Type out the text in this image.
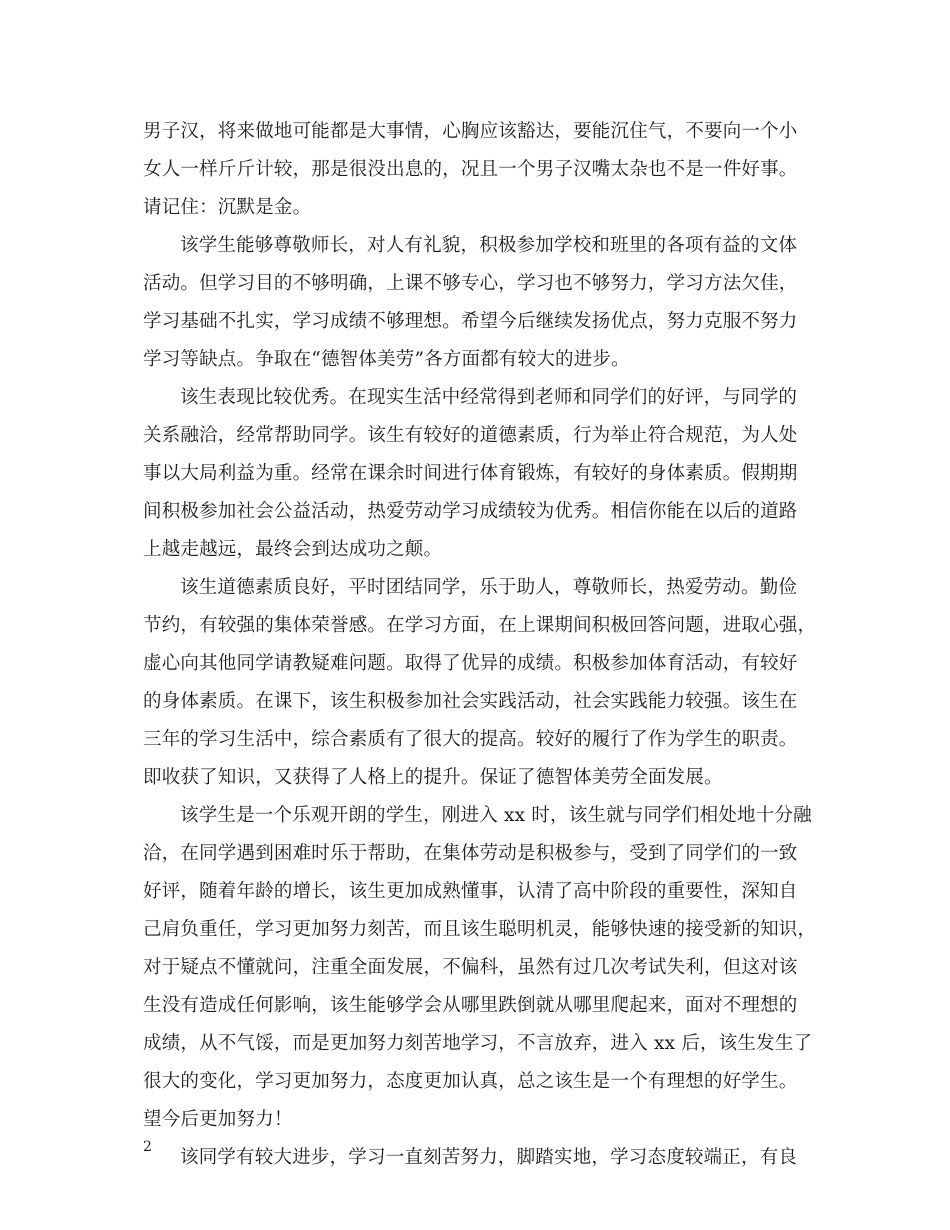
男子汉，将来做地可能都是大事情，心胸应该豁达，要能沉住气，不要向一个小
女人一样斤斤计较，那是很没出息的，况且一个男子汉嘴太杂也不是一件好事。
请记住：沉默是金。
该学生能够尊敬师长，对人有礼貌，积极参加学校和班里的各项有益的文体
活动。但学习目的不够明确，上课不够专心，学习也不够努力，学习方法欠佳，
学习基础不扎实，学习成绩不够理想。希望今后继续发扬优点，努力克服不努力
学习等缺点。争取在“德智体美劳”各方面都有较大的进步。
该生表现比较优秀。在现实生活中经常得到老师和同学们的好评，与同学的
关系融洽，经常帮助同学。该生有较好的道德素质，行为举止符合规范，为人处
事以大局利益为重。经常在课余时间进行体育锻炼，有较好的身体素质。假期期
间积极参加社会公益活动，热爱劳动学习成绩较为优秀。相信你能在以后的道路
上越走越远，最终会到达成功之颠。
该生道德素质良好，平时团结同学，乐于助人，尊敬师长，热爱劳动。勤俭
节约，有较强的集体荣誉感。在学习方面，在上课期间积极回答问题，进取心强，
虚心向其他同学请教疑难问题。取得了优异的成绩。积极参加体育活动，有较好
的身体素质。在课下，该生积极参加社会实践活动，社会实践能力较强。该生在
三年的学习生活中，综合素质有了很大的提高。较好的履行了作为学生的职责。
即收获了知识，又获得了人格上的提升。保证了德智体美劳全面发展。
该学生是一个乐观开朗的学生，刚进入 xx 时，该生就与同学们相处地十分融
洽，在同学遇到困难时乐于帮助，在集体劳动是积极参与，受到了同学们的一致
好评，随着年龄的增长，该生更加成熟懂事，认清了高中阶段的重要性，深知自
己肩负重任，学习更加努力刻苦，而且该生聪明机灵，能够快速的接受新的知识，
对于疑点不懂就问，注重全面发展，不偏科，虽然有过几次考试失利，但这对该
生没有造成任何影响，该生能够学会从哪里跌倒就从哪里爬起来，面对不理想的
成绩，从不气馁，而是更加努力刻苦地学习，不言放弃，进入 xx 后，该生发生了
很大的变化，学习更加努力，态度更加认真，总之该生是一个有理想的好学生。
望今后更加努力！
该同学有较大进步，学习一直刻苦努力，脚踏实地，学习态度较端正，有良
2
